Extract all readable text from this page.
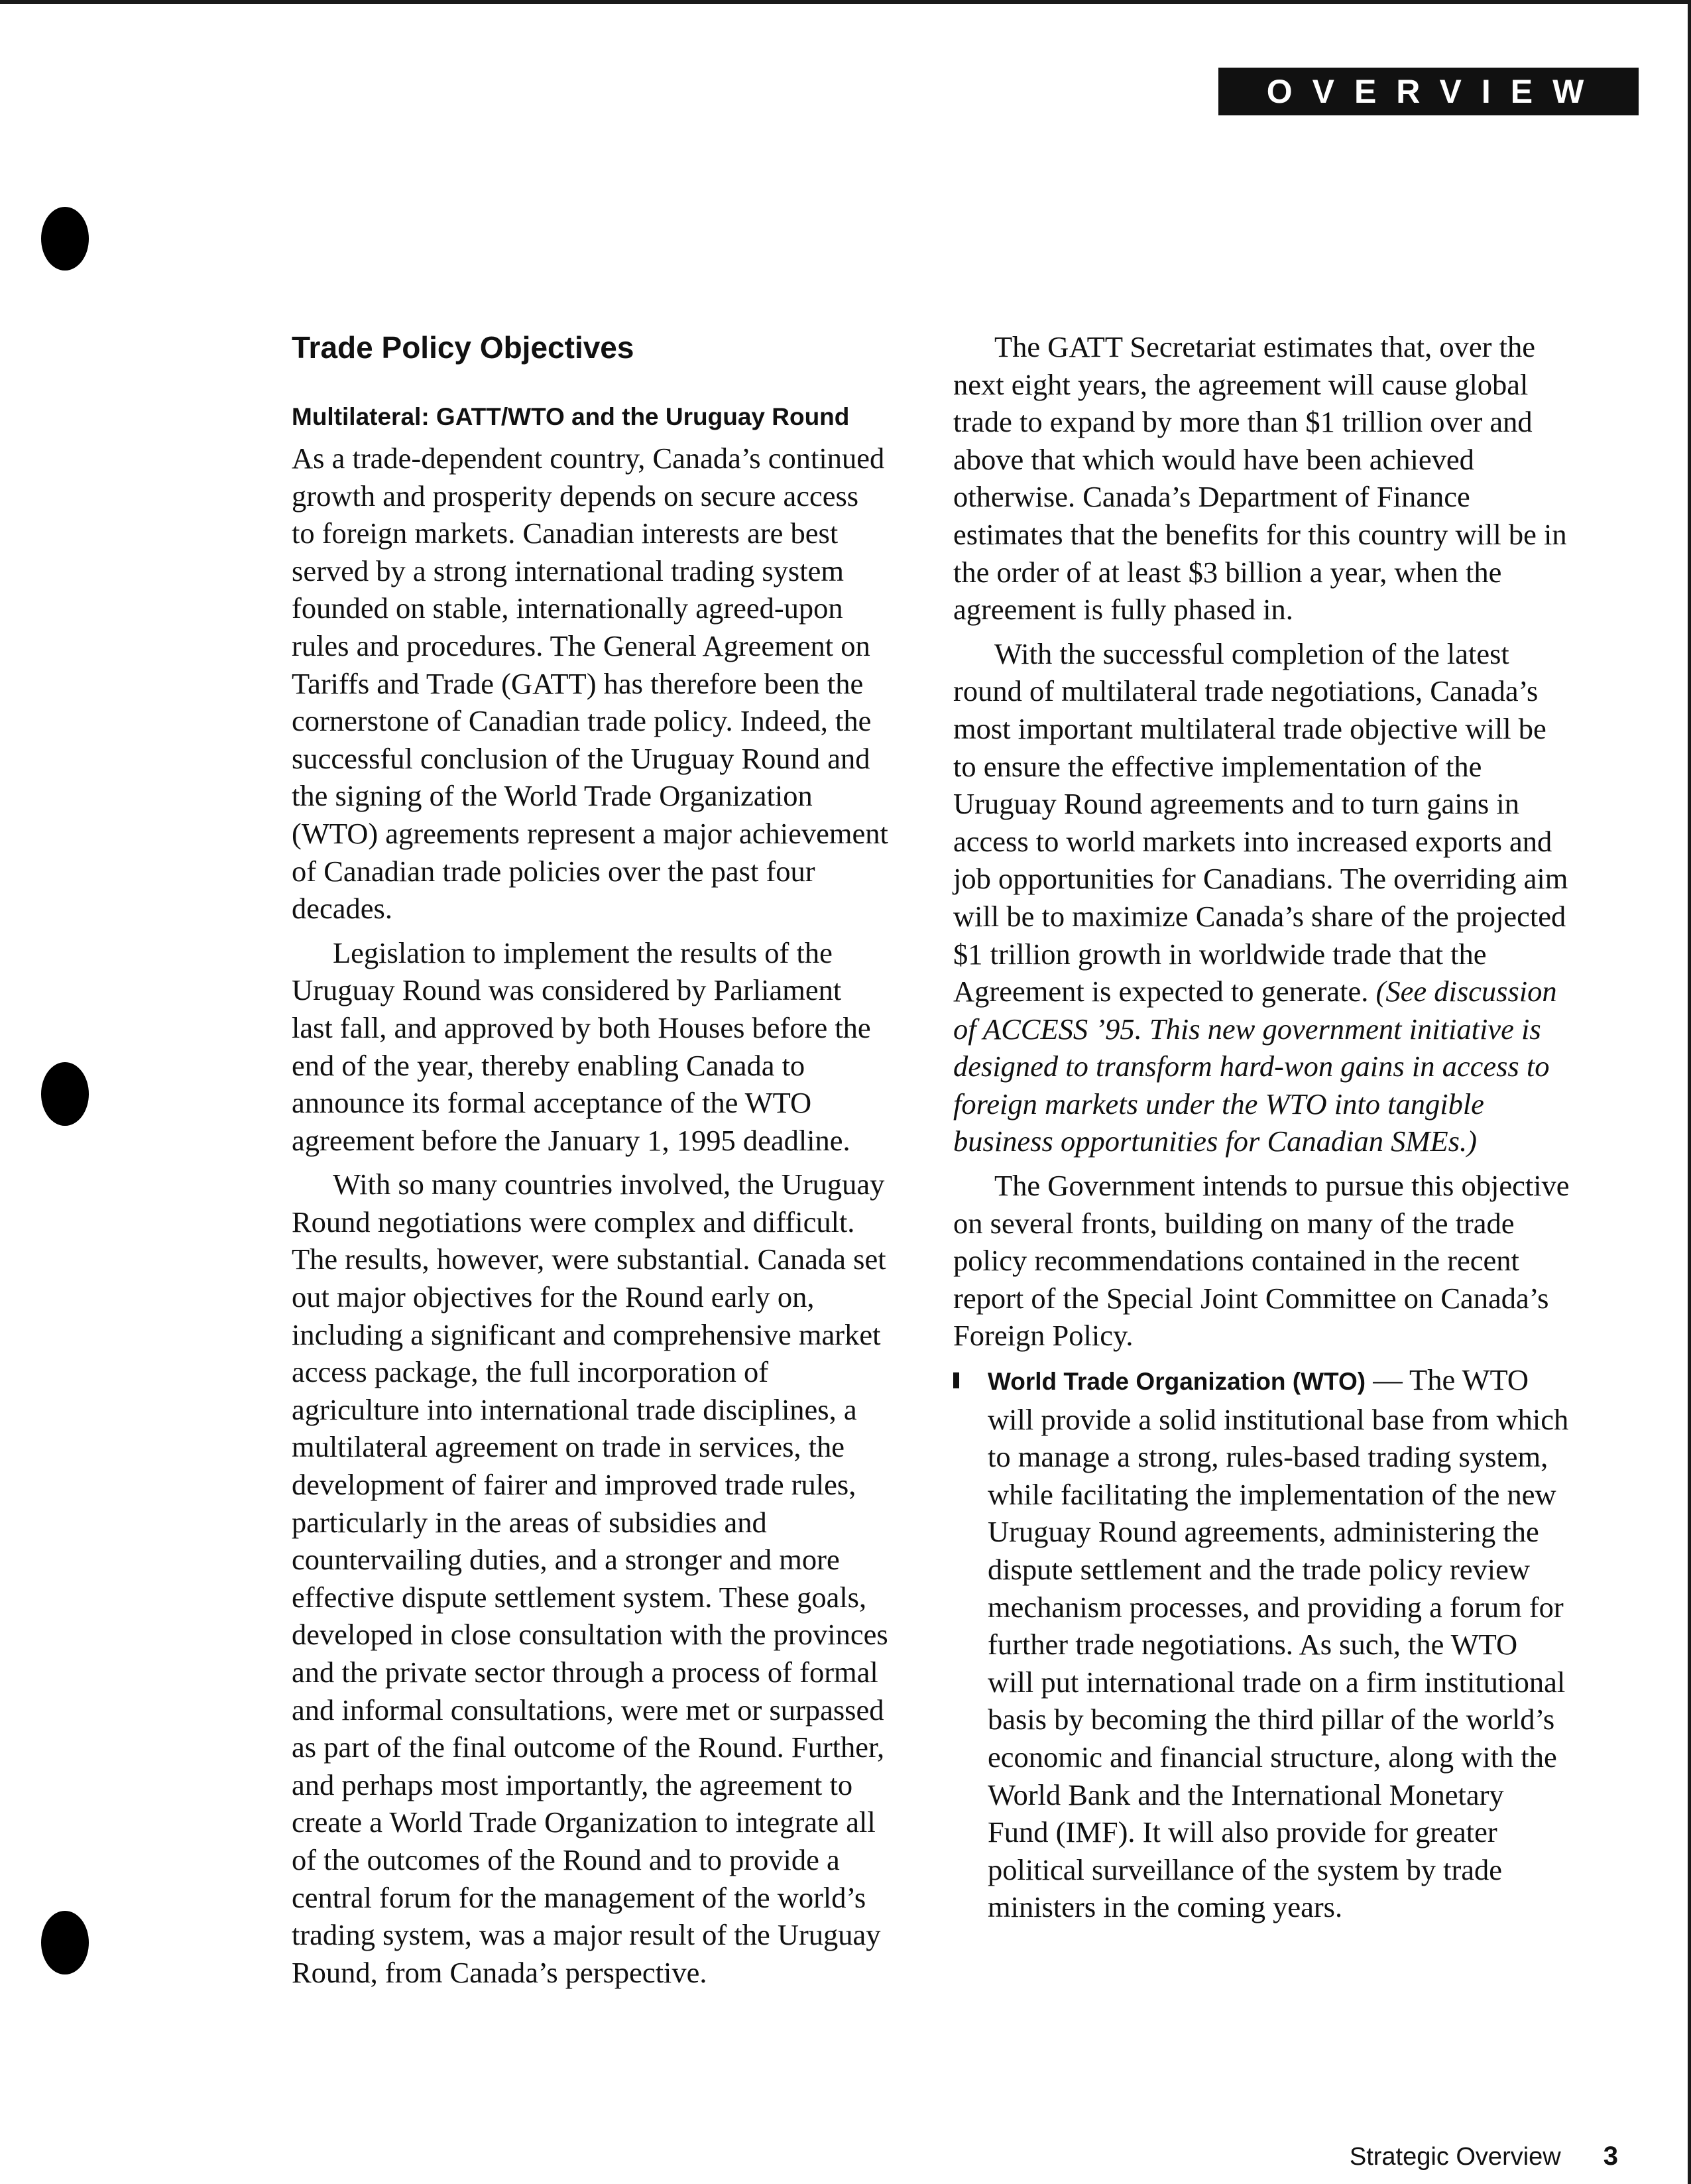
OVERVIEW
Trade Policy Objectives
Multilateral: GATT/WTO and the Uruguay Round

As a trade-dependent country, Canada’s continued growth and prosperity depends on secure access to foreign markets. Canadian interests are best served by a strong international trading system founded on stable, internationally agreed-upon rules and procedures. The General Agreement on Tariffs and Trade (GATT) has therefore been the cornerstone of Canadian trade policy. Indeed, the successful conclusion of the Uruguay Round and the signing of the World Trade Organization (WTO) agreements represent a major achievement of Canadian trade policies over the past four decades.

Legislation to implement the results of the Uruguay Round was considered by Parliament last fall, and approved by both Houses before the end of the year, thereby enabling Canada to announce its formal acceptance of the WTO agreement before the January 1, 1995 deadline.

With so many countries involved, the Uruguay Round negotiations were complex and difficult. The results, however, were substantial. Canada set out major objectives for the Round early on, including a significant and comprehensive market access package, the full incorporation of agriculture into international trade disciplines, a multilateral agreement on trade in services, the development of fairer and improved trade rules, particularly in the areas of subsidies and countervailing duties, and a stronger and more effective dispute settlement system. These goals, developed in close consultation with the provinces and the private sector through a process of formal and informal consultations, were met or surpassed as part of the final outcome of the Round. Further, and perhaps most importantly, the agreement to create a World Trade Organization to integrate all of the outcomes of the Round and to provide a central forum for the management of the world’s trading system, was a major result of the Uruguay Round, from Canada’s perspective.

The GATT Secretariat estimates that, over the next eight years, the agreement will cause global trade to expand by more than $1 trillion over and above that which would have been achieved otherwise. Canada’s Department of Finance estimates that the benefits for this country will be in the order of at least $3 billion a year, when the agreement is fully phased in.

With the successful completion of the latest round of multilateral trade negotiations, Canada’s most important multilateral trade objective will be to ensure the effective implementation of the Uruguay Round agreements and to turn gains in access to world markets into increased exports and job opportunities for Canadians. The overriding aim will be to maximize Canada’s share of the projected $1 trillion growth in worldwide trade that the Agreement is expected to generate. (See discussion of ACCESS ’95. This new government initiative is designed to transform hard-won gains in access to foreign markets under the WTO into tangible business opportunities for Canadian SMEs.)

The Government intends to pursue this objective on several fronts, building on many of the trade policy recommendations contained in the recent report of the Special Joint Committee on Canada’s Foreign Policy.

World Trade Organization (WTO) — The WTO will provide a solid institutional base from which to manage a strong, rules-based trading system, while facilitating the implementation of the new Uruguay Round agreements, administering the dispute settlement and the trade policy review mechanism processes, and providing a forum for further trade negotiations. As such, the WTO will put international trade on a firm institutional basis by becoming the third pillar of the world’s economic and financial structure, along with the World Bank and the International Monetary Fund (IMF). It will also provide for greater political surveillance of the system by trade ministers in the coming years.
Strategic Overview 3
